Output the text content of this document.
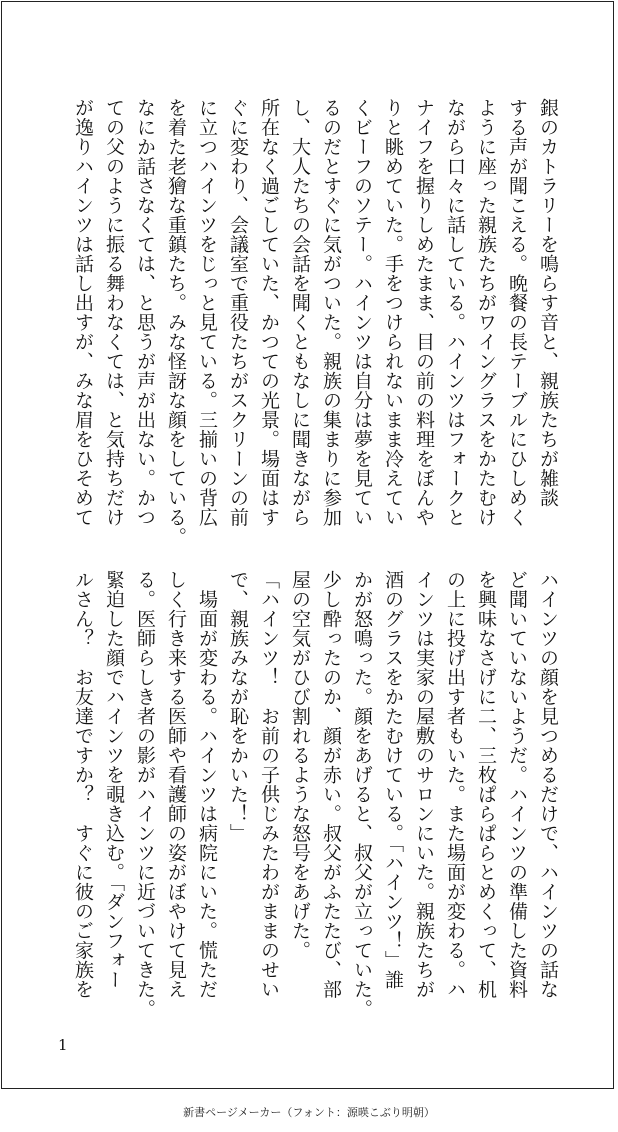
銀のカトラリーを鳴らす音と、親族たちが雑談
する声が聞こえる。晩餐の長テーブルにひしめく
ように座った親族たちがワイングラスをかたむけ
ながら口々に話している。ハインツはフォークと
ナイフを握りしめたまま、目の前の料理をぼんや
りと眺めていた。手をつけられないまま冷えてい
くビーフのソテー。ハインツは自分は夢を見てい
るのだとすぐに気がついた。親族の集まりに参加
し、大人たちの会話を聞くともなしに聞きながら
所在なく過ごしていた、かつての光景。場面はす
ぐに変わり、会議室で重役たちがスクリーンの前
に立つハインツをじっと見ている。三揃いの背広
を着た老獪な重鎮たち。みな怪訝な顔をしている。
なにか話さなくては、と思うが声が出ない。かつ
ての父のように振る舞わなくては、と気持ちだけ
が逸りハインツは話し出すが、みな眉をひそめて
ハインツの顔を見つめるだけで、ハインツの話な
ど聞いていないようだ。ハインツの準備した資料
を興味なさげに二、三枚ぱらぱらとめくって、机
の上に投げ出す者もいた。また場面が変わる。ハ
インツは実家の屋敷のサロンにいた。親族たちが
酒のグラスをかたむけている。「ハインツ！」誰
かが怒鳴った。顔をあげると、叔父が立っていた。
少し酔ったのか、顔が赤い。叔父がふたたび、部
屋の空気がひび割れるような怒号をあげた。
「ハインツ！　お前の子供じみたわがままのせい
で、親族みなが恥をかいた！」
　場面が変わる。ハインツは病院にいた。慌ただ
しく行き来する医師や看護師の姿がぼやけて見え
る。医師らしき者の影がハインツに近づいてきた。
緊迫した顔でハインツを覗き込む。「ダンフォー
ルさん？　お友達ですか？　すぐに彼のご家族を
1
新書ページメーカー（フォント：源暎こぶり明朝）
